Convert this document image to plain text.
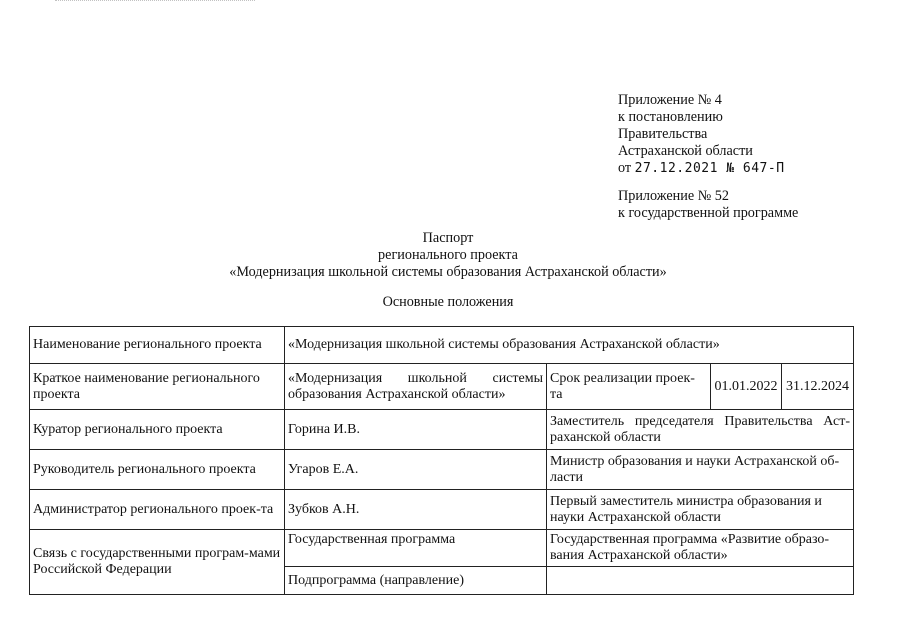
Приложение № 4
к постановлению
Правительства
Астраханской области
от 27.12.2021 № 647-П
Приложение № 52
к государственной программе
Паспорт
регионального проекта
«Модернизация школьной системы образования Астраханской области»
Основные положения
Наименование регионального проекта	«Модернизация школьной системы образования Астраханской области»			
Краткое наименование регионального проекта	«Модернизация школьной системы образования Астраханской области»	Срок реализации проек-та	01.01.2022	31.12.2024
Куратор регионального проекта	Горина И.В.	Заместитель председателя Правительства Аст-раханской области		
Руководитель регионального проекта	Угаров Е.А.	Министр образования и науки Астраханской об-ласти		
Администратор регионального проек-та	Зубков А.Н.	Первый заместитель министра образования и науки Астраханской области		
Связь с государственными програм-мами Российской Федерации	Государственная программа	Государственная программа «Развитие образо-вания Астраханской области»		
	Подпрограмма (направление)			
